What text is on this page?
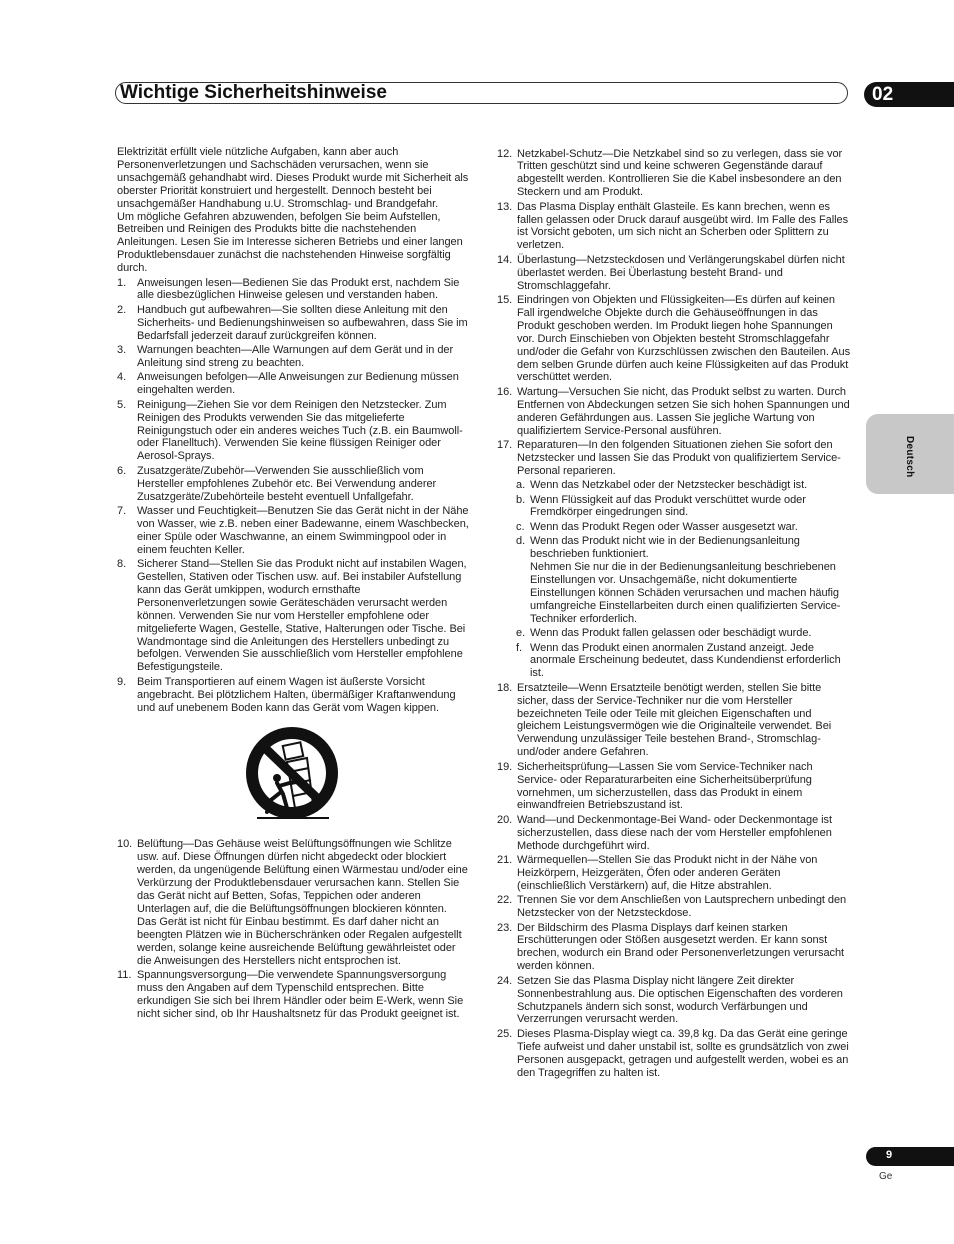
Wichtige Sicherheitshinweise	02
Deutsch
9
Ge

Elektrizität erfüllt viele nützliche Aufgaben, kann aber auch Personenverletzungen und Sachschäden verursachen, wenn sie unsachgemäß gehandhabt wird. Dieses Produkt wurde mit Sicherheit als oberster Priorität konstruiert und hergestellt. Dennoch besteht bei unsachgemäßer Handhabung u.U. Stromschlag- und Brandgefahr.

Um mögliche Gefahren abzuwenden, befolgen Sie beim Aufstellen, Betreiben und Reinigen des Produkts bitte die nachstehenden Anleitungen. Lesen Sie im Interesse sicheren Betriebs und einer langen Produktlebensdauer zunächst die nachstehenden Hinweise sorgfältig durch.

1. Anweisungen lesen—Bedienen Sie das Produkt erst, nachdem Sie alle diesbezüglichen Hinweise gelesen und verstanden haben.
2. Handbuch gut aufbewahren—Sie sollten diese Anleitung mit den Sicherheits- und Bedienungshinweisen so aufbewahren, dass Sie im Bedarfsfall jederzeit darauf zurückgreifen können.
3. Warnungen beachten—Alle Warnungen auf dem Gerät und in der Anleitung sind streng zu beachten.
4. Anweisungen befolgen—Alle Anweisungen zur Bedienung müssen eingehalten werden.
5. Reinigung—Ziehen Sie vor dem Reinigen den Netzstecker. Zum Reinigen des Produkts verwenden Sie das mitgelieferte Reinigungstuch oder ein anderes weiches Tuch (z.B. ein Baumwoll- oder Flanelltuch). Verwenden Sie keine flüssigen Reiniger oder Aerosol-Sprays.
6. Zusatzgeräte/Zubehör—Verwenden Sie ausschließlich vom Hersteller empfohlenes Zubehör etc. Bei Verwendung anderer Zusatzgeräte/Zubehörteile besteht eventuell Unfallgefahr.
7. Wasser und Feuchtigkeit—Benutzen Sie das Gerät nicht in der Nähe von Wasser, wie z.B. neben einer Badewanne, einem Waschbecken, einer Spüle oder Waschwanne, an einem Swimmingpool oder in einem feuchten Keller.
8. Sicherer Stand—Stellen Sie das Produkt nicht auf instabilen Wagen, Gestellen, Stativen oder Tischen usw. auf. Bei instabiler Aufstellung kann das Gerät umkippen, wodurch ernsthafte Personenverletzungen sowie Geräteschäden verursacht werden können. Verwenden Sie nur vom Hersteller empfohlene oder mitgelieferte Wagen, Gestelle, Stative, Halterungen oder Tische. Bei Wandmontage sind die Anleitungen des Herstellers unbedingt zu befolgen. Verwenden Sie ausschließlich vom Hersteller empfohlene Befestigungsteile.
9. Beim Transportieren auf einem Wagen ist äußerste Vorsicht angebracht. Bei plötzlichem Halten, übermäßiger Kraftanwendung und auf unebenem Boden kann das Gerät vom Wagen kippen.
10. Belüftung—Das Gehäuse weist Belüftungsöffnungen wie Schlitze usw. auf. Diese Öffnungen dürfen nicht abgedeckt oder blockiert werden, da ungenügende Belüftung einen Wärmestau und/oder eine Verkürzung der Produktlebensdauer verursachen kann. Stellen Sie das Gerät nicht auf Betten, Sofas, Teppichen oder anderen Unterlagen auf, die die Belüftungsöffnungen blockieren könnten. Das Gerät ist nicht für Einbau bestimmt. Es darf daher nicht an beengten Plätzen wie in Bücherschränken oder Regalen aufgestellt werden, solange keine ausreichende Belüftung gewährleistet oder die Anweisungen des Herstellers nicht entsprochen ist.
11. Spannungsversorgung—Die verwendete Spannungsversorgung muss den Angaben auf dem Typenschild entsprechen. Bitte erkundigen Sie sich bei Ihrem Händler oder beim E-Werk, wenn Sie nicht sicher sind, ob Ihr Haushaltsnetz für das Produkt geeignet ist.
12. Netzkabel-Schutz—Die Netzkabel sind so zu verlegen, dass sie vor Tritten geschützt sind und keine schweren Gegenstände darauf abgestellt werden. Kontrollieren Sie die Kabel insbesondere an den Steckern und am Produkt.
13. Das Plasma Display enthält Glasteile. Es kann brechen, wenn es fallen gelassen oder Druck darauf ausgeübt wird. Im Falle des Falles ist Vorsicht geboten, um sich nicht an Scherben oder Splittern zu verletzen.
14. Überlastung—Netzsteckdosen und Verlängerungskabel dürfen nicht überlastet werden. Bei Überlastung besteht Brand- und Stromschlaggefahr.
15. Eindringen von Objekten und Flüssigkeiten—Es dürfen auf keinen Fall irgendwelche Objekte durch die Gehäuseöffnungen in das Produkt geschoben werden. Im Produkt liegen hohe Spannungen vor. Durch Einschieben von Objekten besteht Stromschlaggefahr und/oder die Gefahr von Kurzschlüssen zwischen den Bauteilen. Aus dem selben Grunde dürfen auch keine Flüssigkeiten auf das Produkt verschüttet werden.
16. Wartung—Versuchen Sie nicht, das Produkt selbst zu warten. Durch Entfernen von Abdeckungen setzen Sie sich hohen Spannungen und anderen Gefährdungen aus. Lassen Sie jegliche Wartung von qualifiziertem Service-Personal ausführen.
17. Reparaturen—In den folgenden Situationen ziehen Sie sofort den Netzstecker und lassen Sie das Produkt von qualifiziertem Service-Personal reparieren.
a. Wenn das Netzkabel oder der Netzstecker beschädigt ist.
b. Wenn Flüssigkeit auf das Produkt verschüttet wurde oder Fremdkörper eingedrungen sind.
c. Wenn das Produkt Regen oder Wasser ausgesetzt war.
d. Wenn das Produkt nicht wie in der Bedienungsanleitung beschrieben funktioniert.

Nehmen Sie nur die in der Bedienungsanleitung beschriebenen Einstellungen vor. Unsachgemäße, nicht dokumentierte Einstellungen können Schäden verursachen und machen häufig umfangreiche Einstellarbeiten durch einen qualifizierten Service-Techniker erforderlich.

e. Wenn das Produkt fallen gelassen oder beschädigt wurde.
f. Wenn das Produkt einen anormalen Zustand anzeigt. Jede anormale Erscheinung bedeutet, dass Kundendienst erforderlich ist.
18. Ersatzteile—Wenn Ersatzteile benötigt werden, stellen Sie bitte sicher, dass der Service-Techniker nur die vom Hersteller bezeichneten Teile oder Teile mit gleichen Eigenschaften und gleichem Leistungsvermögen wie die Originalteile verwendet. Bei Verwendung unzulässiger Teile bestehen Brand-, Stromschlag- und/oder andere Gefahren.
19. Sicherheitsprüfung—Lassen Sie vom Service-Techniker nach Service- oder Reparaturarbeiten eine Sicherheitsüberprüfung vornehmen, um sicherzustellen, dass das Produkt in einem einwandfreien Betriebszustand ist.
20. Wand—und Deckenmontage-Bei Wand- oder Deckenmontage ist sicherzustellen, dass diese nach der vom Hersteller empfohlenen Methode durchgeführt wird.
21. Wärmequellen—Stellen Sie das Produkt nicht in der Nähe von Heizkörpern, Heizgeräten, Öfen oder anderen Geräten (einschließlich Verstärkern) auf, die Hitze abstrahlen.
22. Trennen Sie vor dem Anschließen von Lautsprechern unbedingt den Netzstecker von der Netzsteckdose.
23. Der Bildschirm des Plasma Displays darf keinen starken Erschütterungen oder Stößen ausgesetzt werden. Er kann sonst brechen, wodurch ein Brand oder Personenverletzungen verursacht werden können.
24. Setzen Sie das Plasma Display nicht längere Zeit direkter Sonnenbestrahlung aus. Die optischen Eigenschaften des vorderen Schutzpanels ändern sich sonst, wodurch Verfärbungen und Verzerrungen verursacht werden.
25. Dieses Plasma-Display wiegt ca. 39,8 kg. Da das Gerät eine geringe Tiefe aufweist und daher unstabil ist, sollte es grundsätzlich von zwei Personen ausgepackt, getragen und aufgestellt werden, wobei es an den Tragegriffen zu halten ist.
